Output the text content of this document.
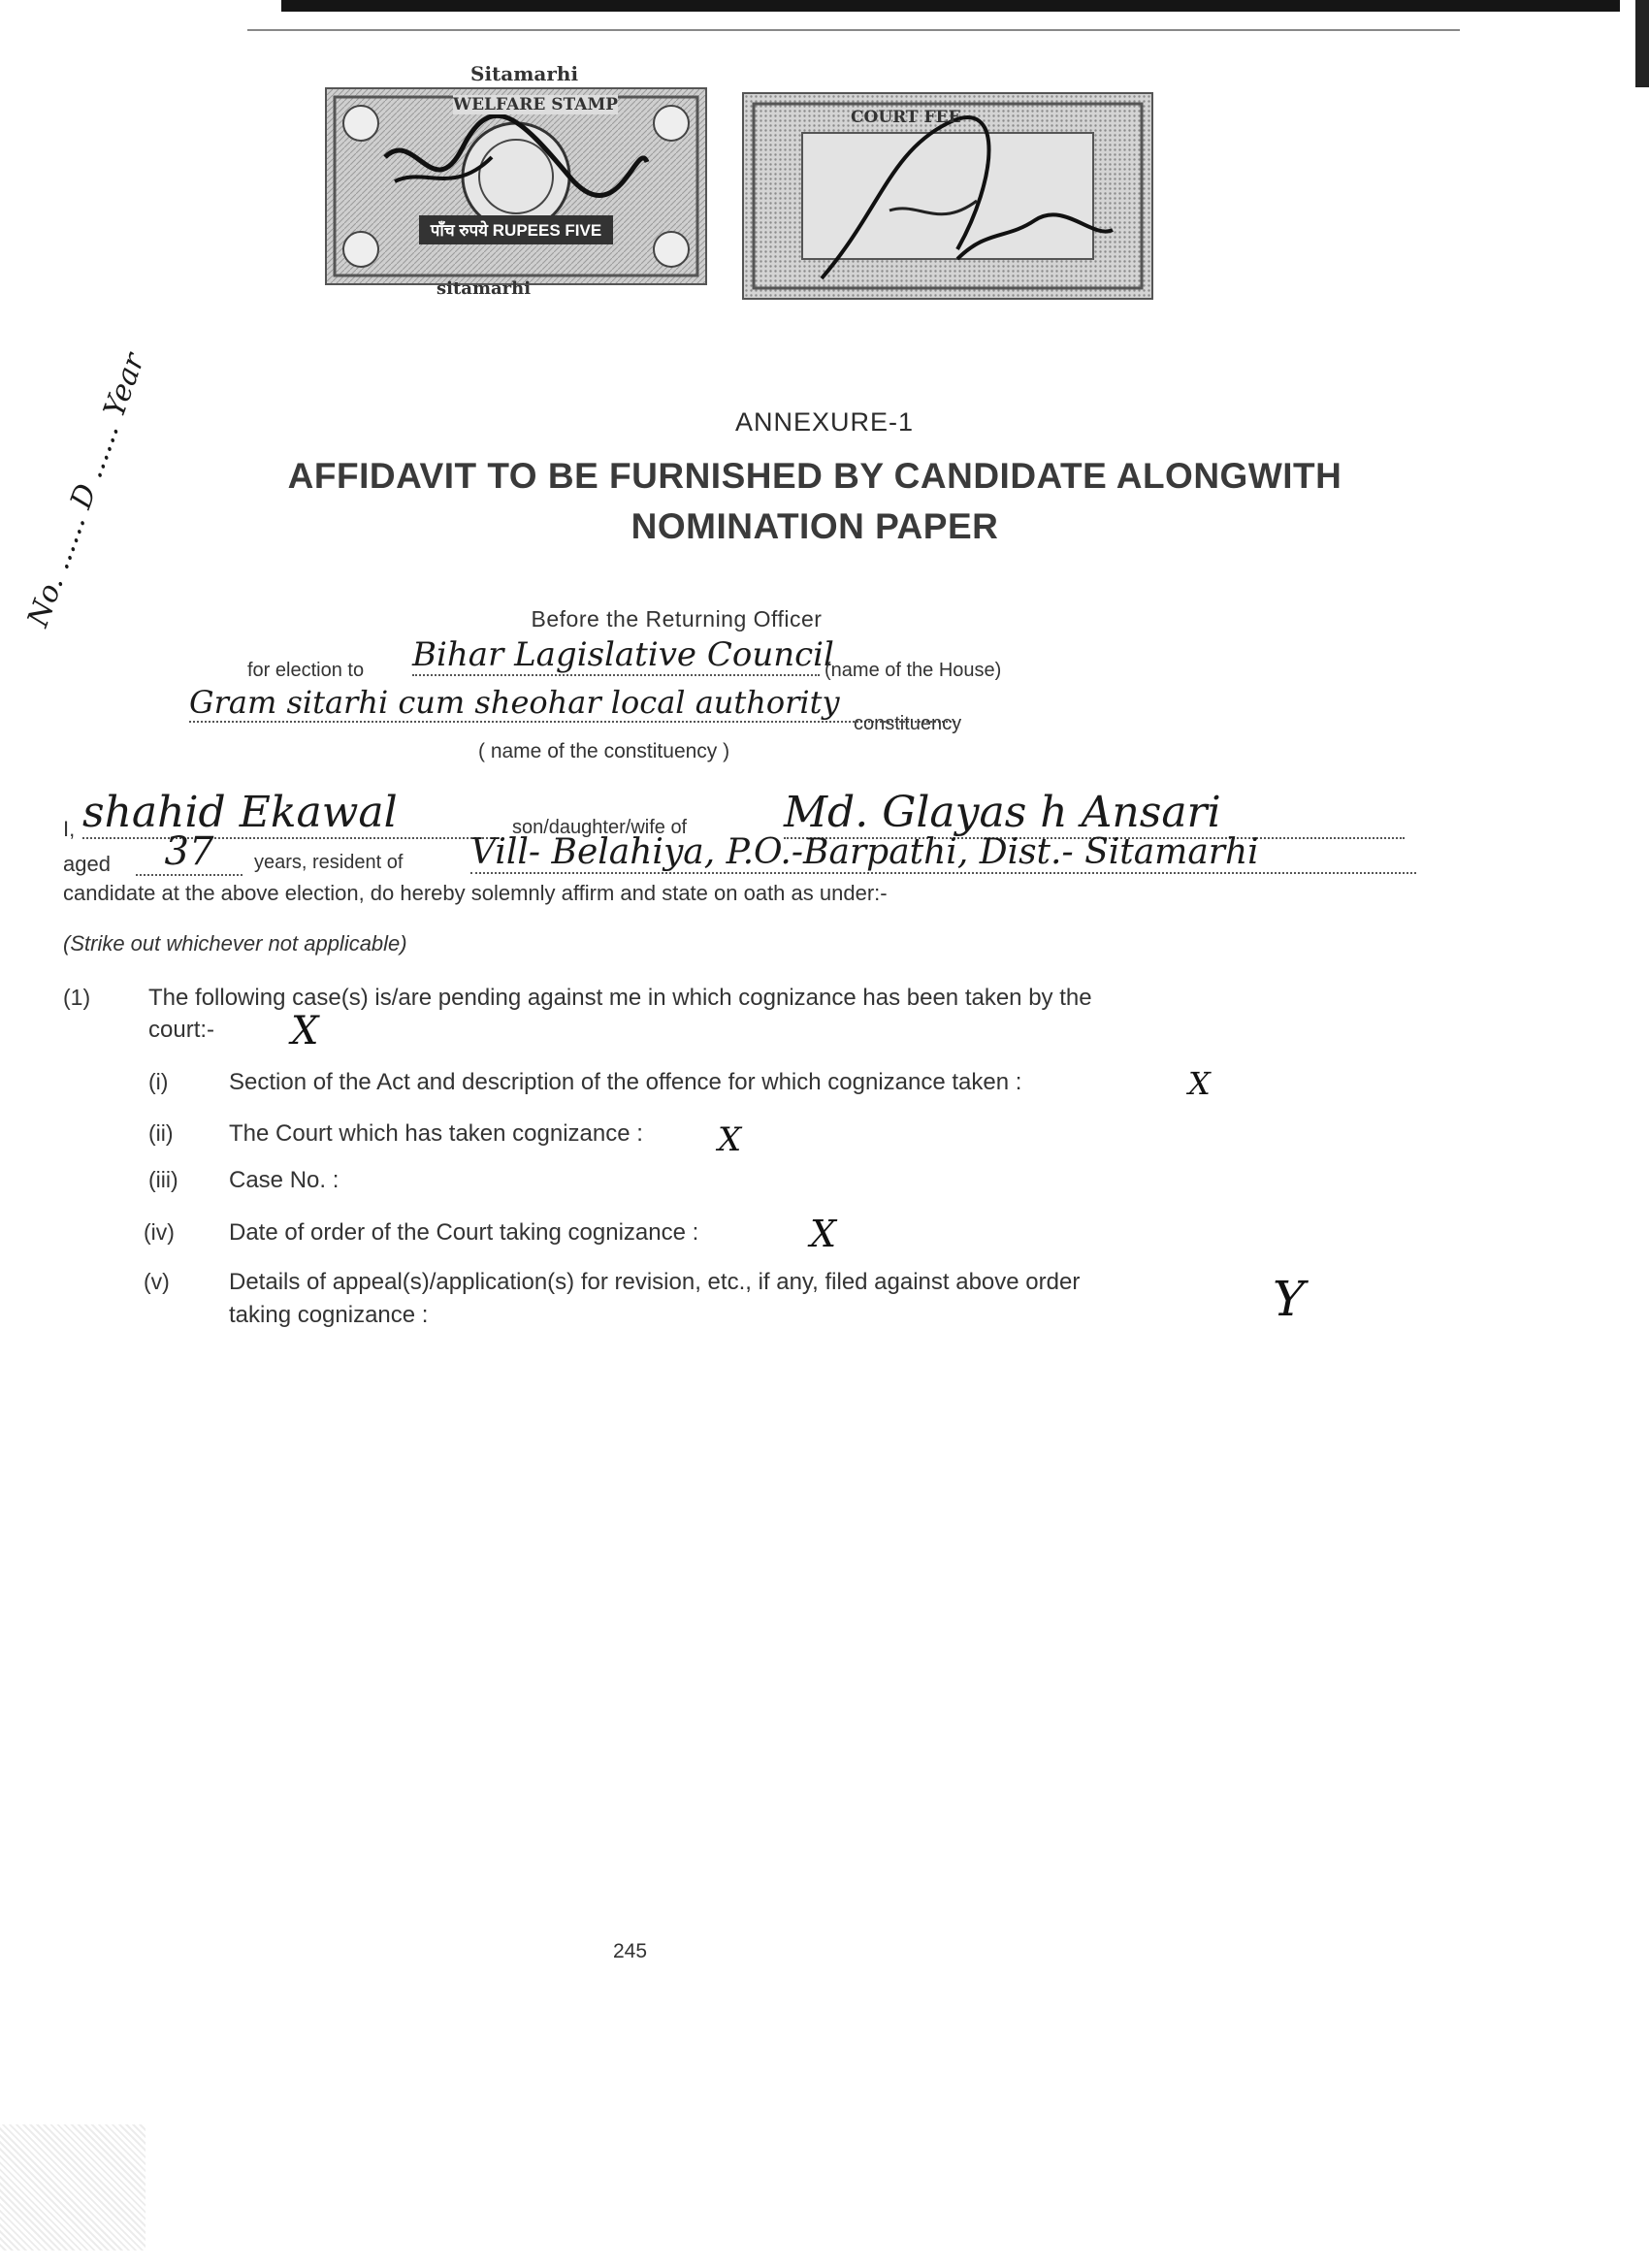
Sitamarhi
WELFARE STAMP
पाँच रुपये RUPEES FIVE
sitamarhi
COURT FEE
No. ...... D ...... Year	ANNEXURE-1
AFFIDAVIT TO BE FURNISHED BY CANDIDATE ALONGWITH
NOMINATION PAPER
Before the Returning Officer
for election to Bihar Lagislative Council
(name of the House)
Gram sitarhi cum sheohar local authority
constituency
( name of the constituency )
I, shahid Ekawal	son/daughter/wife of Md. Glayas h Ansari
aged	37	years, resident of Vill- Belahiya, P.O.-Barpathi, Dist.- Sitamarhi
candidate at the above election, do hereby solemnly affirm and state on oath as under:-
(Strike out whichever not applicable)
(1) The following case(s) is/are pending against me in which cognizance has been taken by the
court:- X
(i)	Section of the Act and description of the offence for which cognizance taken :	X
(ii) The Court which has taken cognizance : X
(iii) Case No. :
(iv) Date of order of the Court taking cognizance :	X
(v)	Details of appeal(s)/application(s) for revision, etc., if any, filed against above order
taking cognizance :	Y
245
